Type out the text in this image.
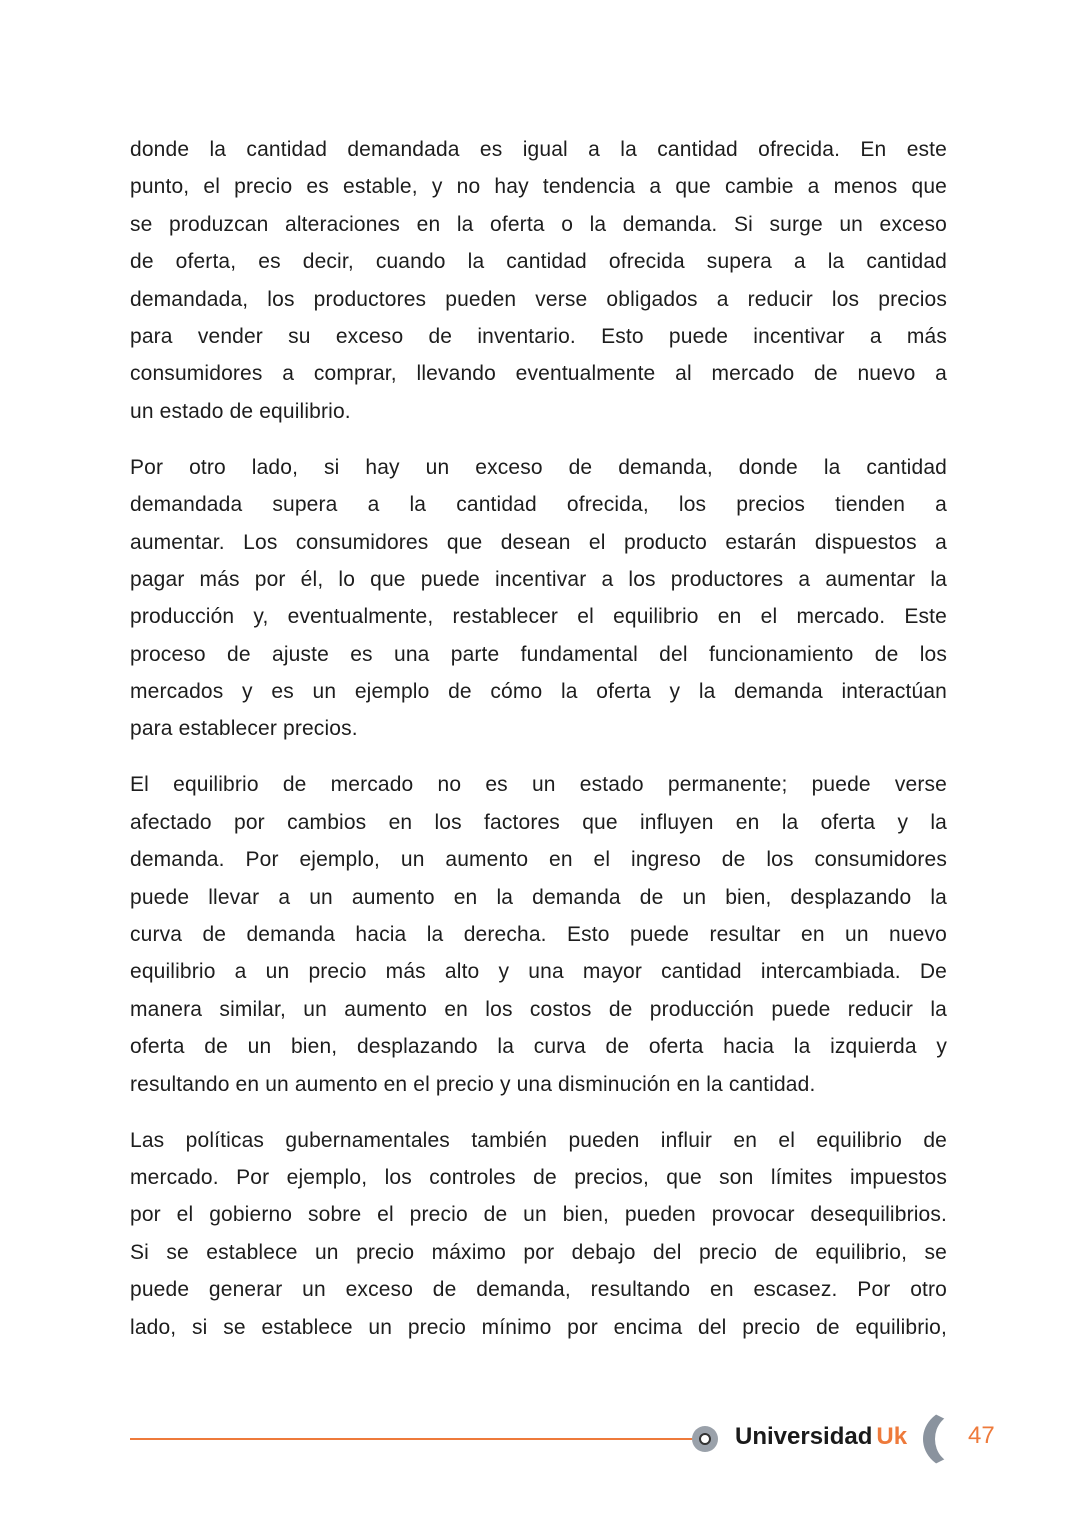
donde la cantidad demandada es igual a la cantidad ofrecida. En este
punto, el precio es estable, y no hay tendencia a que cambie a menos que
se produzcan alteraciones en la oferta o la demanda. Si surge un exceso
de oferta, es decir, cuando la cantidad ofrecida supera a la cantidad
demandada, los productores pueden verse obligados a reducir los precios
para vender su exceso de inventario. Esto puede incentivar a más
consumidores a comprar, llevando eventualmente al mercado de nuevo a
un estado de equilibrio.
Por otro lado, si hay un exceso de demanda, donde la cantidad
demandada supera a la cantidad ofrecida, los precios tienden a
aumentar. Los consumidores que desean el producto estarán dispuestos a
pagar más por él, lo que puede incentivar a los productores a aumentar la
producción y, eventualmente, restablecer el equilibrio en el mercado. Este
proceso de ajuste es una parte fundamental del funcionamiento de los
mercados y es un ejemplo de cómo la oferta y la demanda interactúan
para establecer precios.
El equilibrio de mercado no es un estado permanente; puede verse
afectado por cambios en los factores que influyen en la oferta y la
demanda. Por ejemplo, un aumento en el ingreso de los consumidores
puede llevar a un aumento en la demanda de un bien, desplazando la
curva de demanda hacia la derecha. Esto puede resultar en un nuevo
equilibrio a un precio más alto y una mayor cantidad intercambiada. De
manera similar, un aumento en los costos de producción puede reducir la
oferta de un bien, desplazando la curva de oferta hacia la izquierda y
resultando en un aumento en el precio y una disminución en la cantidad.
Las políticas gubernamentales también pueden influir en el equilibrio de
mercado. Por ejemplo, los controles de precios, que son límites impuestos
por el gobierno sobre el precio de un bien, pueden provocar desequilibrios.
Si se establece un precio máximo por debajo del precio de equilibrio, se
puede generar un exceso de demanda, resultando en escasez. Por otro
lado, si se establece un precio mínimo por encima del precio de equilibrio,
Universidad Uk	47
